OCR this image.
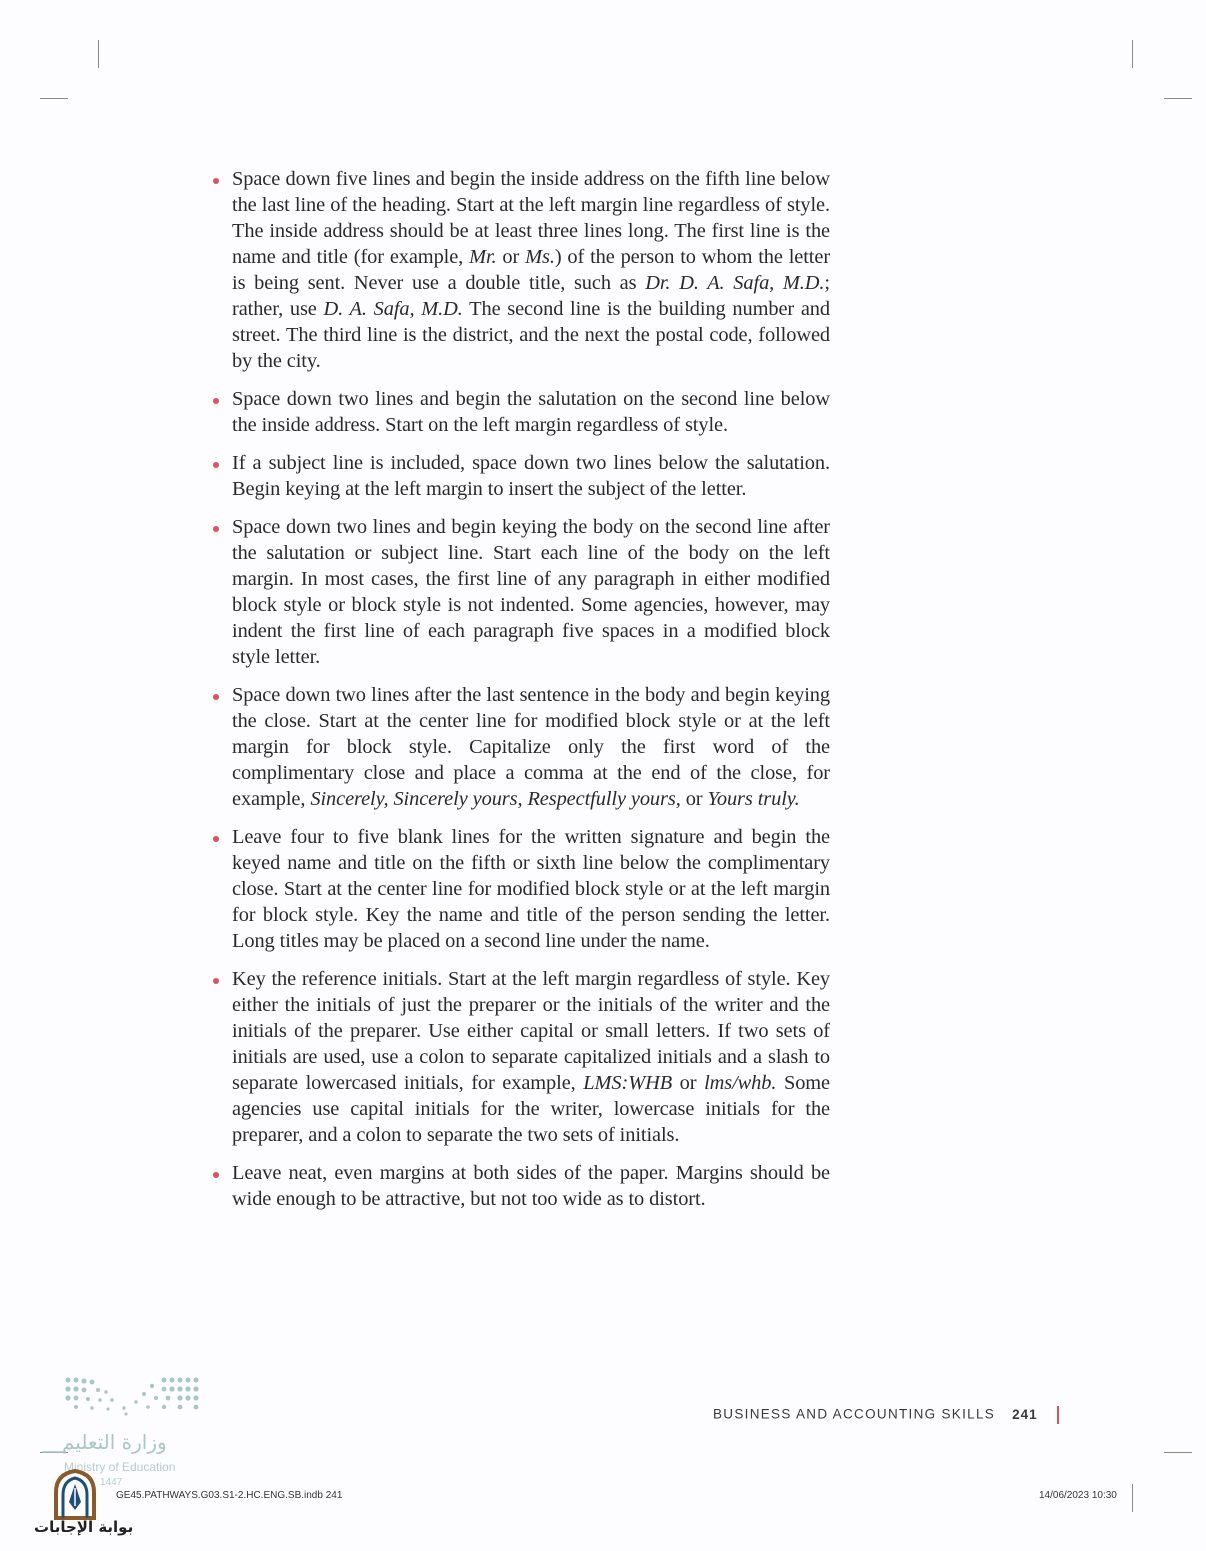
Space down five lines and begin the inside address on the fifth line below the last line of the heading. Start at the left margin line regardless of style. The inside address should be at least three lines long. The first line is the name and title (for example, Mr. or Ms.) of the person to whom the letter is being sent. Never use a double title, such as Dr. D. A. Safa, M.D.; rather, use D. A. Safa, M.D. The second line is the building number and street. The third line is the district, and the next the postal code, followed by the city.
Space down two lines and begin the salutation on the second line below the inside address. Start on the left margin regardless of style.
If a subject line is included, space down two lines below the salutation. Begin keying at the left margin to insert the subject of the letter.
Space down two lines and begin keying the body on the second line after the salutation or subject line. Start each line of the body on the left margin. In most cases, the first line of any paragraph in either modified block style or block style is not indented. Some agencies, however, may indent the first line of each paragraph five spaces in a modified block style letter.
Space down two lines after the last sentence in the body and begin keying the close. Start at the center line for modified block style or at the left margin for block style. Capitalize only the first word of the complimentary close and place a comma at the end of the close, for example, Sincerely, Sincerely yours, Respectfully yours, or Yours truly.
Leave four to five blank lines for the written signature and begin the keyed name and title on the fifth or sixth line below the complimentary close. Start at the center line for modified block style or at the left margin for block style. Key the name and title of the person sending the letter. Long titles may be placed on a second line under the name.
Key the reference initials. Start at the left margin regardless of style. Key either the initials of just the preparer or the initials of the writer and the initials of the preparer. Use either capital or small letters. If two sets of initials are used, use a colon to separate capitalized initials and a slash to separate lowercased initials, for example, LMS:WHB or lms/whb. Some agencies use capital initials for the writer, lowercase initials for the preparer, and a colon to separate the two sets of initials.
Leave neat, even margins at both sides of the paper. Margins should be wide enough to be attractive, but not too wide as to distort.
BUSINESS AND ACCOUNTING SKILLS 241
وزارة التعليم
Ministry of Education
1447
بوابة الإجابات
GE45.PATHWAYS.G03.S1-2.HC.ENG.SB.indb 241	14/06/2023 10:30
